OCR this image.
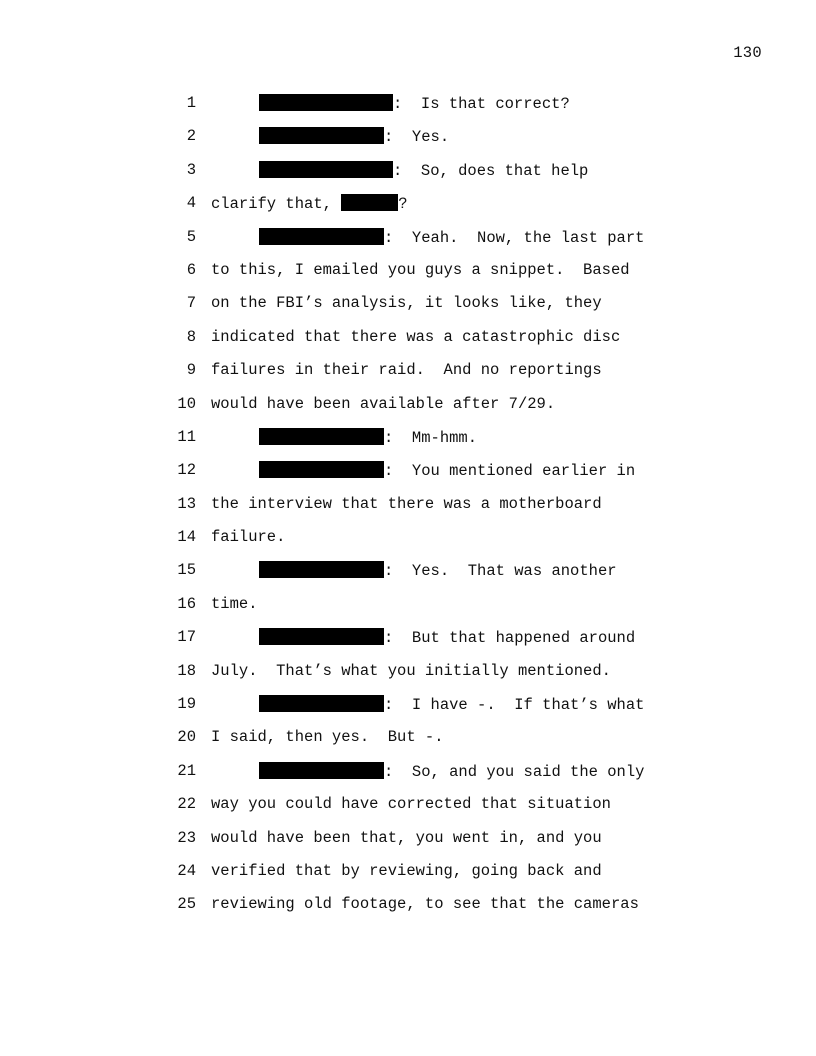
130

1

	:  Is that correct?

2

	:  Yes.

3

	:  So, does that help

4

clarify that,	?

5

	:  Yeah.  Now, the last part

6

to this, I emailed you guys a snippet.  Based

7

on the FBI’s analysis, it looks like, they

8

indicated that there was a catastrophic disc

9

failures in their raid.  And no reportings

10

would have been available after 7/29.

11

	:  Mm-hmm.

12

	:  You mentioned earlier in

13

the interview that there was a motherboard

14

failure.

15

	:  Yes.  That was another

16

time.

17

	:  But that happened around

18

July.  That’s what you initially mentioned.

19

	:  I have -.  If that’s what

20

I said, then yes.  But -.

21

	:  So, and you said the only

22

way you could have corrected that situation

23

would have been that, you went in, and you

24

verified that by reviewing, going back and

25

reviewing old footage, to see that the cameras
